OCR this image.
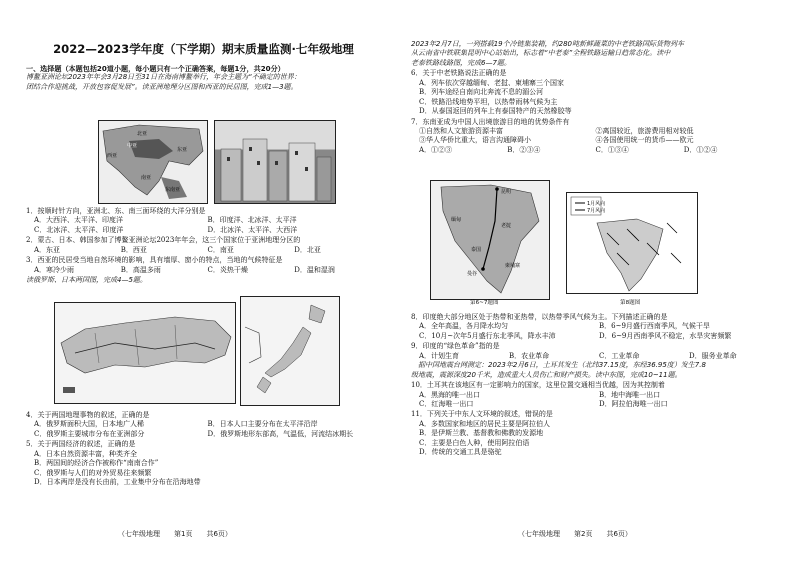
2022—2023学年度（下学期）期末质量监测·七年级地理
一、选择题（本题包括20道小题，每小题只有一个正确答案，每题1分，共20分）
博鳌亚洲论坛2023年年会3月28日至31日在海南博鳌举行，年会主题为“不确定的世界：
团结合作迎挑战，开放包容促发展”。读亚洲地理分区图和西亚的民居图，完成1—3题。
北亚
东亚
南亚
西亚
中亚
东南亚
1．按顺时针方向，亚洲北、东、南三面环绕的大洋分别是
A．大西洋、太平洋、印度洋	B．印度洋、北冰洋、太平洋
C．北冰洋、太平洋、印度洋	D．北冰洋、太平洋、大西洋
2．蒙古、日本、韩国参加了博鳌亚洲论坛2023年年会，这三个国家位于亚洲地理分区的
A．东亚	B．西亚	C．南亚	D．北亚
3．西亚的民居受当地自然环境的影响，具有墙厚、窗小的特点，当地的气候特征是
A．寒冷少雨	B．高温多雨	C．炎热干燥	D．温和湿润
读俄罗斯、日本两国图，完成4—5题。
4．关于两国地理事物的叙述，正确的是
A．俄罗斯面积大国，日本地广人稀	B．日本人口主要分布在太平洋沿岸
C．俄罗斯主要城市分布在亚洲部分	D．俄罗斯地形东部高，气温低，河流结冰期长
5．关于两国经济的叙述，正确的是
A．日本自然资源丰富，种类齐全
B．两国间的经济合作被称作“南南合作”
C．俄罗斯与人们的对外贸易往来频繁
D．日本两岸是没有长由前，工业集中分布在沿海地带
（七年级地理　　第1页　　共6页）
2023年2月7日，一列搭载19个冷链集装箱，约280吨新鲜蔬菜的中老铁路国际货物列车
从云南省中铁联集昆明中心站始出，标志着“中老泰”全程铁路运输日趋常态化。读中
老泰铁路线路图，完成6—7题。
6．关于中老铁路说法正确的是
A．列车依次穿越缅甸、老挝、柬埔寨三个国家
B．列车途经自南向北奔流不息的湄公河
C．铁路沿线地势平坦，以热带雨林气候为主
D．从泰国返回的列车上有泰国特产的天然橡胶等
7．东南亚成为中国人出境旅游目的地的优势条件有
①自然和人文旅游资源丰富	②离国较近，旅游费用相对较低
③华人华侨比重大，语言沟通障碍小	④各国使用统一的货币——欧元
A．①②③	B．②③④	C．①③④	D．①②④
昆明
缅甸
老挝
泰国
柬埔寨
曼谷
第6~7题图
1月风向
7月风向
第8题图
8．印度绝大部分地区处于热带和亚热带，以热带季风气候为主。下列描述正确的是
A．全年高温，各月降水均匀	B．6~9月盛行西南季风，气候干旱
C．10月~次年5月盛行东北季风，降水丰沛	D．6~9月西南季风不稳定，水旱灾害频繁
9．印度的“绿色革命”指的是
A．计划生育	B．农业革命	C．工业革命	D．服务业革命
　据中国地震台网测定：2023年2月6日，土耳其发生（北纬37.15度，东经36.95度）发生7.8
级地震，震源深度20千米，造成重大人员伤亡和财产损失。读中东图，完成10~11题。
10．土耳其在该地区有一定影响力的国家，这里位置交通相当优越，因为其控制着
A．黑海的唯一出口	B．地中海唯一出口
C．红海唯一出口	D．阿拉伯海唯一出口
11．下列关于中东人文环境的叙述，错误的是
A．多数国家和地区的居民主要是阿拉伯人
B．是伊斯兰教、基督教和佛教的发源地
C．主要是白色人种，使用阿拉伯语
D．传统的交通工具是骆驼
（七年级地理　　第2页　　共6页）
